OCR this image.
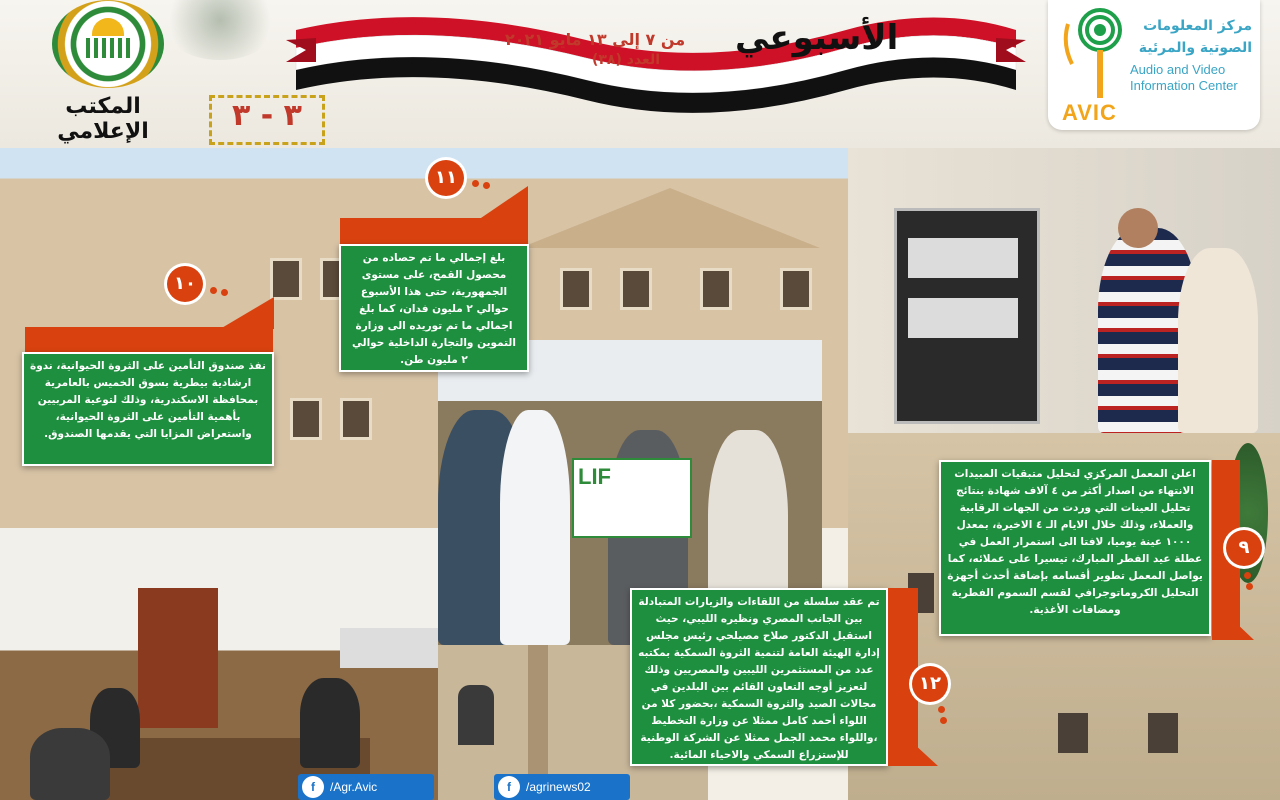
المكتب الإعلامي	٣ - ٣
الأسبوعي
من ٧ إلى ١٣ مايو ٢٠٢١
العدد (٣٨)
مركز المعلومات
الصوتية والمرئية
Audio and Video
Information Center
AVIC
LIF
نفذ صندوق التأمين على الثروة الحيوانية، ندوة ارشادية بيطرية بسوق الخميس بالعامرية بمحافظة الاسكندرية، وذلك لتوعية المربيين بأهمية التأمين على الثروة الحيوانية، واستعراض المزايا التي يقدمها الصندوق.
١٠
بلغ إجمالي ما تم حصاده من محصول القمح، على مستوى الجمهورية، حتى هذا الأسبوع حوالي ٢ مليون فدان، كما بلغ اجمالي ما تم توريده الى وزارة التموين والتجارة الداخلية حوالي ٢ مليون طن.
١١
اعلن المعمل المركزي لتحليل متبقيات المبيدات الانتهاء من اصدار أكثر من ٤ آلاف شهادة بنتائج تحليل العينات التي وردت من الجهات الرقابية والعملاء، وذلك خلال الايام الـ ٤ الاخيرة، بمعدل ١٠٠٠ عينة يوميا، لافتا الى استمرار العمل في عطلة عيد الفطر المبارك، تيسيرا على عملائه، كما يواصل المعمل تطوير أقسامه بإضافة أحدث أجهزة التحليل الكروماتوجرافي لقسم السموم الفطرية ومضافات الأغذية.
٩
تم عقد سلسلة من اللقاءات والزيارات المتبادلة بين الجانب المصري ونظيره الليبي، حيث استقبل الدكتور صلاح مصيلحي رئيس مجلس إدارة الهيئة العامة لتنمية الثروة السمكية بمكتبه عدد من المستثمرين الليبين والمصريين وذلك لتعزيز أوجه التعاون القائم بين البلدين في مجالات الصيد والثروة السمكية ،بحضور كلا من اللواء أحمد كامل ممثلا عن وزارة التخطيط ،واللواء محمد الجمل ممثلا عن الشركة الوطنية للإستزراع السمكي والاحياء المائية.
١٢
f /Agr.Avic	f /agrinews02
